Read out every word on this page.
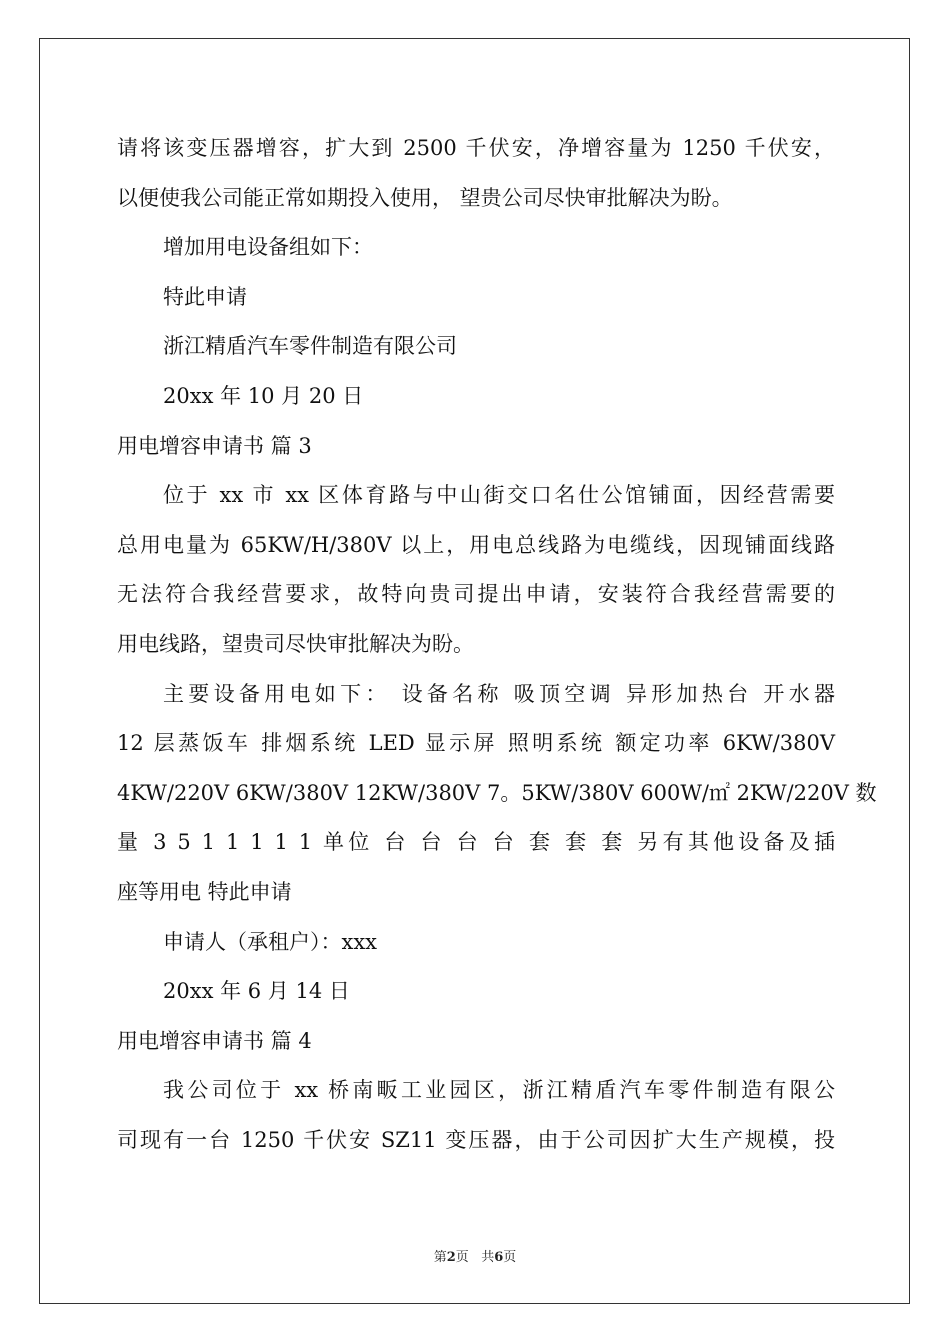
请将该变压器增容，扩大到 2500 千伏安，净增容量为 1250 千伏安，
以便使我公司能正常如期投入使用， 望贵公司尽快审批解决为盼。
增加用电设备组如下：
特此申请
浙江精盾汽车零件制造有限公司
20xx 年 10 月 20 日
用电增容申请书 篇 3
位于 xx 市 xx 区体育路与中山街交口名仕公馆铺面，因经营需要
总用电量为 65KW/H/380V 以上，用电总线路为电缆线，因现铺面线路
无法符合我经营要求，故特向贵司提出申请，安装符合我经营需要的
用电线路，望贵司尽快审批解决为盼。
主要设备用电如下： 设备名称 吸顶空调 异形加热台 开水器
12 层蒸饭车 排烟系统 LED 显示屏 照明系统 额定功率 6KW/380V
4KW/220V 6KW/380V 12KW/380V 7。5KW/380V 600W/㎡ 2KW/220V 数
量 3 5 1 1 1 1 1 单位 台 台 台 台 套 套 套 另有其他设备及插
座等用电 特此申请
申请人（承租户）：xxx
20xx 年 6 月 14 日
用电增容申请书 篇 4
我公司位于 xx 桥南畈工业园区，浙江精盾汽车零件制造有限公
司现有一台 1250 千伏安 SZ11 变压器，由于公司因扩大生产规模，投
第2页 共6页
